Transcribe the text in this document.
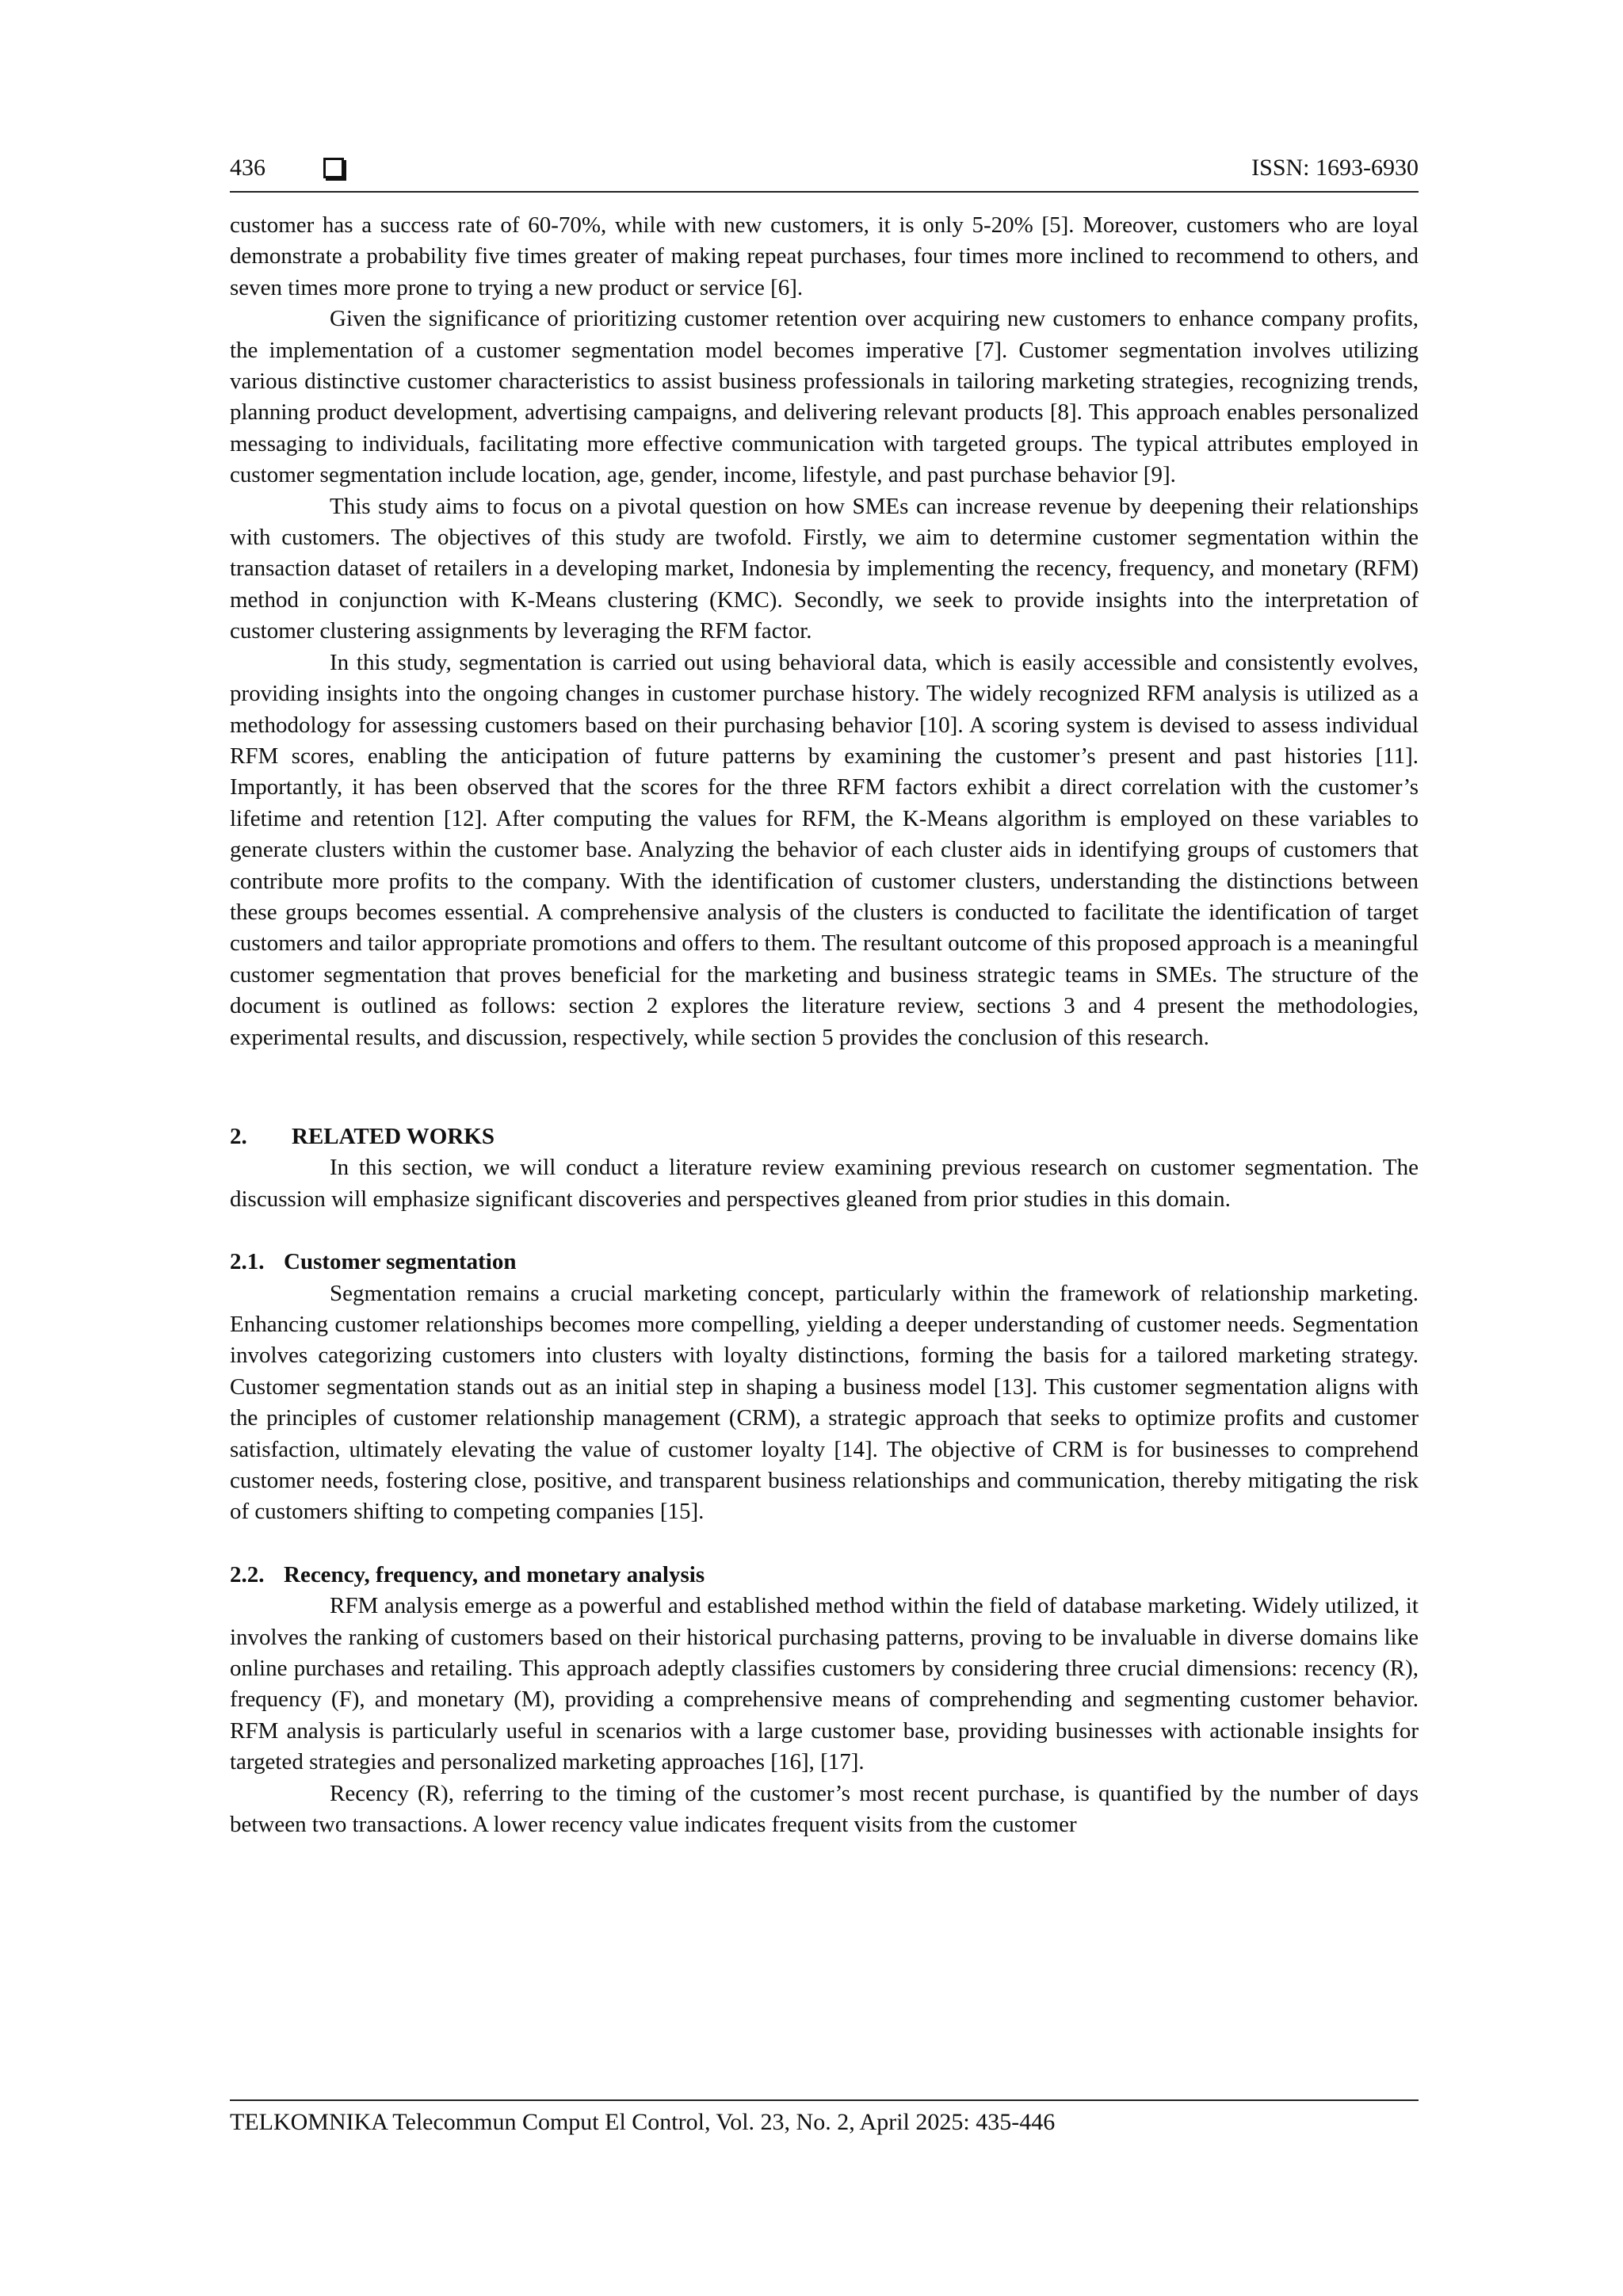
436	ISSN: 1693-6930

customer has a success rate of 60-70%, while with new customers, it is only 5-20% [5]. Moreover, customers who are loyal demonstrate a probability five times greater of making repeat purchases, four times more inclined to recommend to others, and seven times more prone to trying a new product or service [6].

Given the significance of prioritizing customer retention over acquiring new customers to enhance company profits, the implementation of a customer segmentation model becomes imperative [7]. Customer segmentation involves utilizing various distinctive customer characteristics to assist business professionals in tailoring marketing strategies, recognizing trends, planning product development, advertising campaigns, and delivering relevant products [8]. This approach enables personalized messaging to individuals, facilitating more effective communication with targeted groups. The typical attributes employed in customer segmentation include location, age, gender, income, lifestyle, and past purchase behavior [9].

This study aims to focus on a pivotal question on how SMEs can increase revenue by deepening their relationships with customers. The objectives of this study are twofold. Firstly, we aim to determine customer segmentation within the transaction dataset of retailers in a developing market, Indonesia by implementing the recency, frequency, and monetary (RFM) method in conjunction with K-Means clustering (KMC). Secondly, we seek to provide insights into the interpretation of customer clustering assignments by leveraging the RFM factor.

In this study, segmentation is carried out using behavioral data, which is easily accessible and consistently evolves, providing insights into the ongoing changes in customer purchase history. The widely recognized RFM analysis is utilized as a methodology for assessing customers based on their purchasing behavior [10]. A scoring system is devised to assess individual RFM scores, enabling the anticipation of future patterns by examining the customer’s present and past histories [11]. Importantly, it has been observed that the scores for the three RFM factors exhibit a direct correlation with the customer’s lifetime and retention [12]. After computing the values for RFM, the K-Means algorithm is employed on these variables to generate clusters within the customer base. Analyzing the behavior of each cluster aids in identifying groups of customers that contribute more profits to the company. With the identification of customer clusters, understanding the distinctions between these groups becomes essential. A comprehensive analysis of the clusters is conducted to facilitate the identification of target customers and tailor appropriate promotions and offers to them. The resultant outcome of this proposed approach is a meaningful customer segmentation that proves beneficial for the marketing and business strategic teams in SMEs. The structure of the document is outlined as follows: section 2 explores the literature review, sections 3 and 4 present the methodologies, experimental results, and discussion, respectively, while section 5 provides the conclusion of this research.

2. RELATED WORKS

In this section, we will conduct a literature review examining previous research on customer segmentation. The discussion will emphasize significant discoveries and perspectives gleaned from prior studies in this domain.

2.1. Customer segmentation

Segmentation remains a crucial marketing concept, particularly within the framework of relationship marketing. Enhancing customer relationships becomes more compelling, yielding a deeper understanding of customer needs. Segmentation involves categorizing customers into clusters with loyalty distinctions, forming the basis for a tailored marketing strategy. Customer segmentation stands out as an initial step in shaping a business model [13]. This customer segmentation aligns with the principles of customer relationship management (CRM), a strategic approach that seeks to optimize profits and customer satisfaction, ultimately elevating the value of customer loyalty [14]. The objective of CRM is for businesses to comprehend customer needs, fostering close, positive, and transparent business relationships and communication, thereby mitigating the risk of customers shifting to competing companies [15].

2.2. Recency, frequency, and monetary analysis

RFM analysis emerge as a powerful and established method within the field of database marketing. Widely utilized, it involves the ranking of customers based on their historical purchasing patterns, proving to be invaluable in diverse domains like online purchases and retailing. This approach adeptly classifies customers by considering three crucial dimensions: recency (R), frequency (F), and monetary (M), providing a comprehensive means of comprehending and segmenting customer behavior. RFM analysis is particularly useful in scenarios with a large customer base, providing businesses with actionable insights for targeted strategies and personalized marketing approaches [16], [17].

Recency (R), referring to the timing of the customer’s most recent purchase, is quantified by the number of days between two transactions. A lower recency value indicates frequent visits from the customer

TELKOMNIKA Telecommun Comput El Control, Vol. 23, No. 2, April 2025: 435-446
